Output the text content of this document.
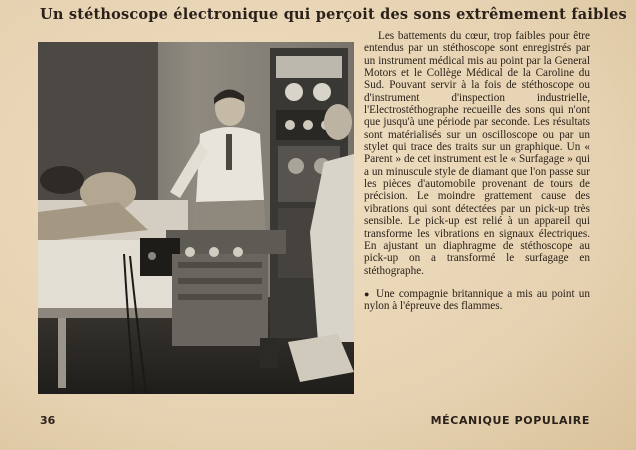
Un stéthoscope électronique qui perçoit des sons extrêmement faibles

Les battements du cœur, trop faibles pour être entendus par un stéthoscope sont enregistrés par un instrument médical mis au point par la General Motors et le Collège Médical de la Caroline du Sud. Pouvant servir à la fois de stéthoscope ou d'instrument d'inspection industrielle, l'Electrostéthographe recueille des sons qui n'ont que jusqu'à une période par seconde. Les résultats sont matérialisés sur un oscilloscope ou par un stylet qui trace des traits sur un graphique. Un « Parent » de cet instrument est le « Surfagage » qui a un minuscule style de diamant que l'on passe sur les pièces d'automobile provenant de tours de précision. Le moindre grattement cause des vibrations qui sont détectées par un pick-up très sensible. Le pick-up est relié à un appareil qui transforme les vibrations en signaux électriques. En ajustant un diaphragme de stéthoscope au pick-up on a transformé le surfagage en stéthographe.

● Une compagnie britannique a mis au point un nylon à l'épreuve des flammes.

36	MÉCANIQUE POPULAIRE
